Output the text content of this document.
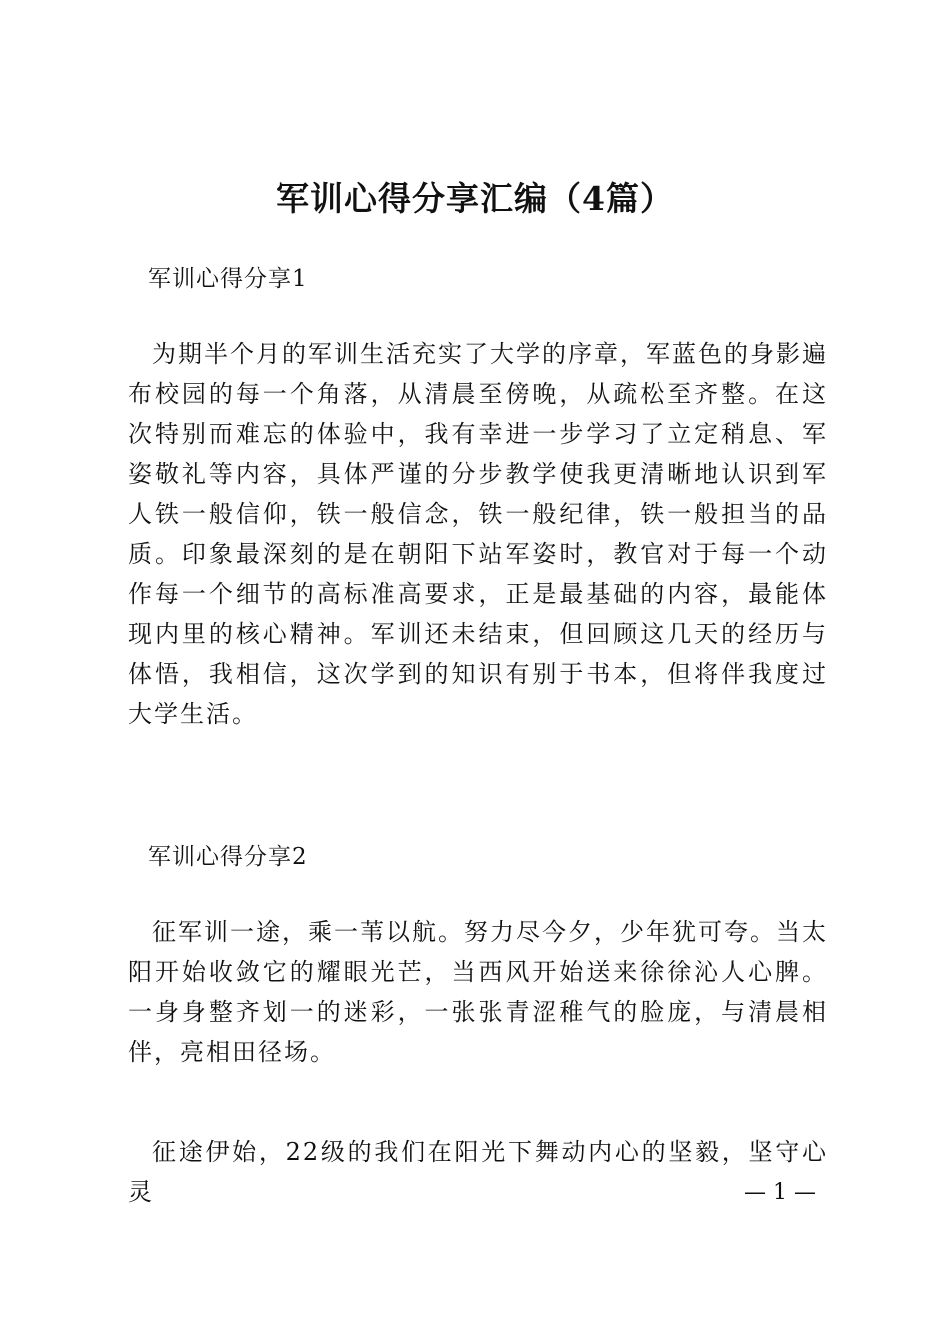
军训心得分享汇编（4篇）
军训心得分享1

为期半个月的军训生活充实了大学的序章，军蓝色的身影遍布校园的每一个角落，从清晨至傍晚，从疏松至齐整。在这次特别而难忘的体验中，我有幸进一步学习了立定稍息、军姿敬礼等内容，具体严谨的分步教学使我更清晰地认识到军人铁一般信仰，铁一般信念，铁一般纪律，铁一般担当的品质。印象最深刻的是在朝阳下站军姿时，教官对于每一个动作每一个细节的高标准高要求，正是最基础的内容，最能体现内里的核心精神。军训还未结束，但回顾这几天的经历与体悟，我相信，这次学到的知识有别于书本，但将伴我度过大学生活。

军训心得分享2

征军训一途，乘一苇以航。努力尽今夕，少年犹可夸。当太阳开始收敛它的耀眼光芒，当西风开始送来徐徐沁人心脾。一身身整齐划一的迷彩，一张张青涩稚气的脸庞，与清晨相伴，亮相田径场。

征途伊始，22级的我们在阳光下舞动内心的坚毅，坚守心灵	— 1 —
